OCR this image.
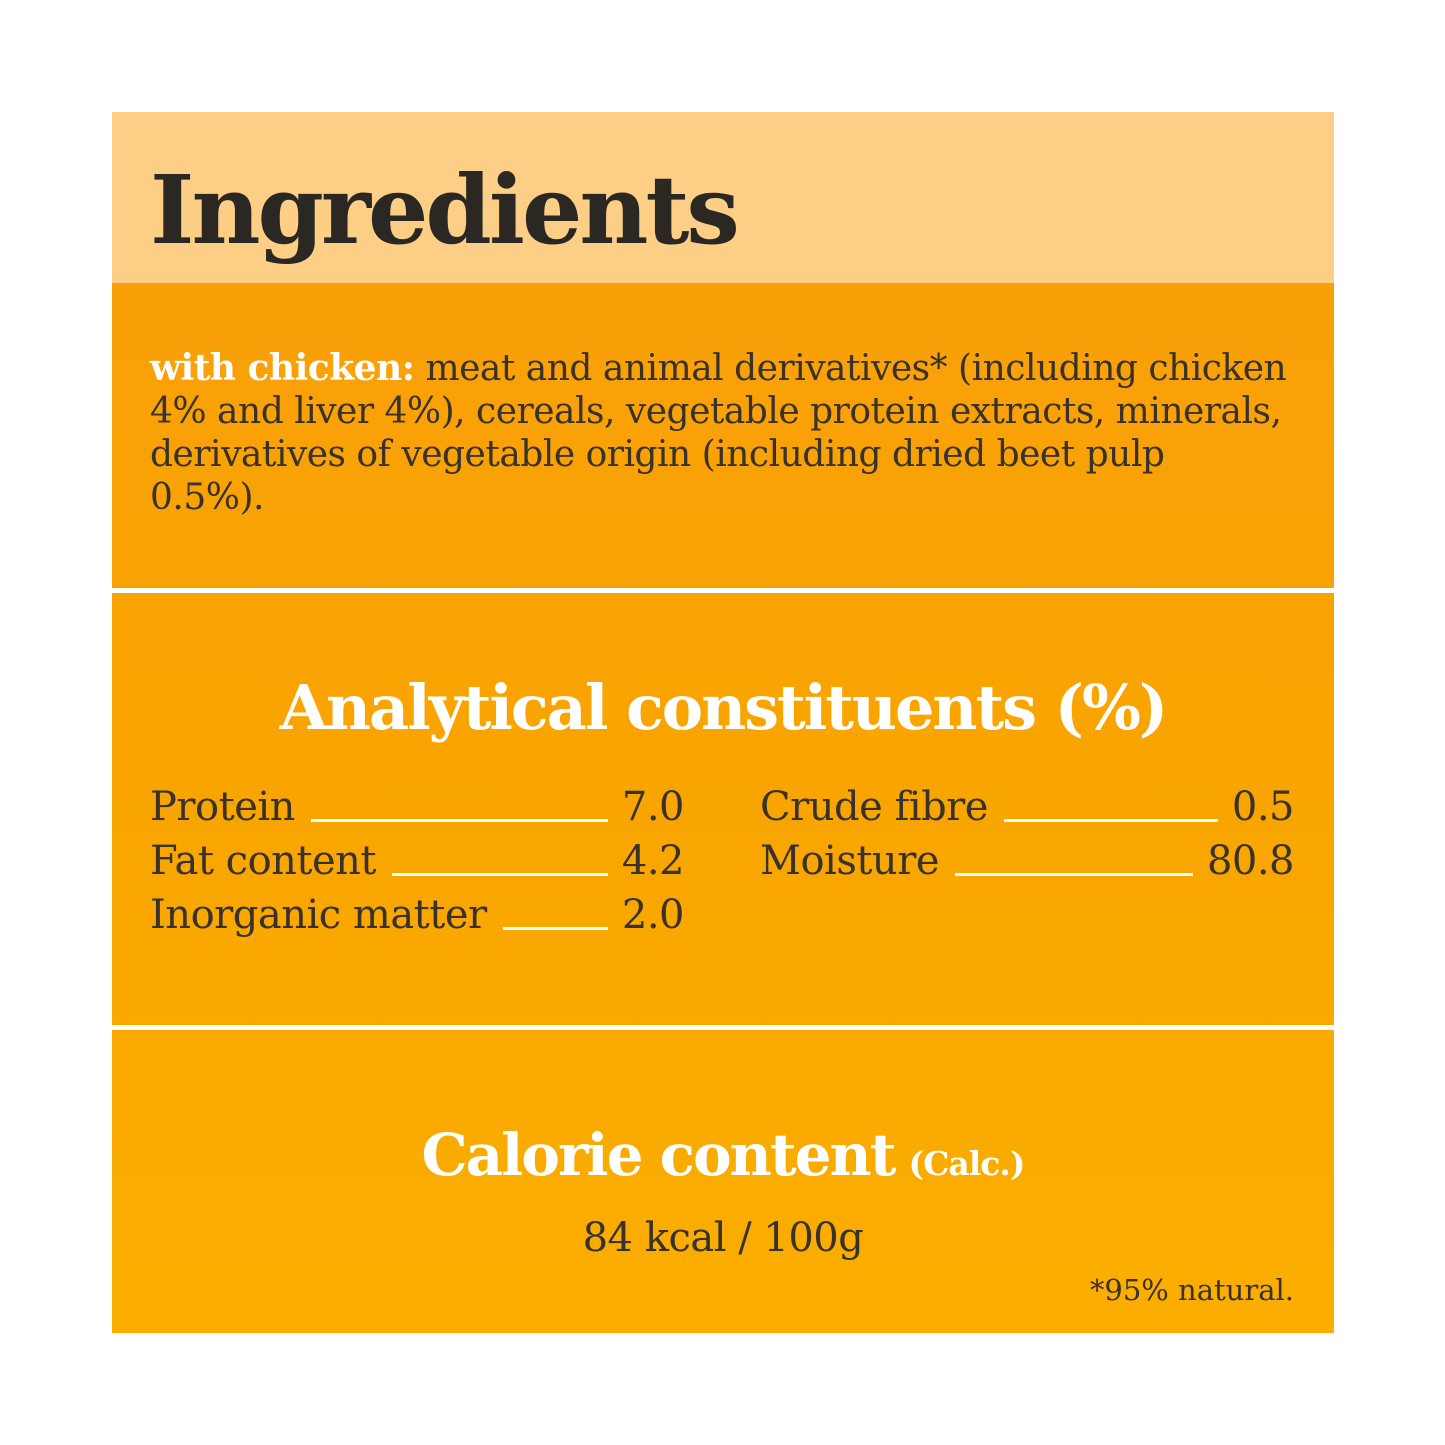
Ingredients

with chicken: meat and animal derivatives* (including chicken 4% and liver 4%), cereals, vegetable protein extracts, minerals, derivatives of vegetable origin (including dried beet pulp 0.5%).

Analytical constituents (%)
Protein	7.0
Fat content	4.2
Inorganic matter	2.0
Crude fibre	0.5
Moisture	80.8
Calorie content (Calc.)
84 kcal / 100g
*95% natural.
